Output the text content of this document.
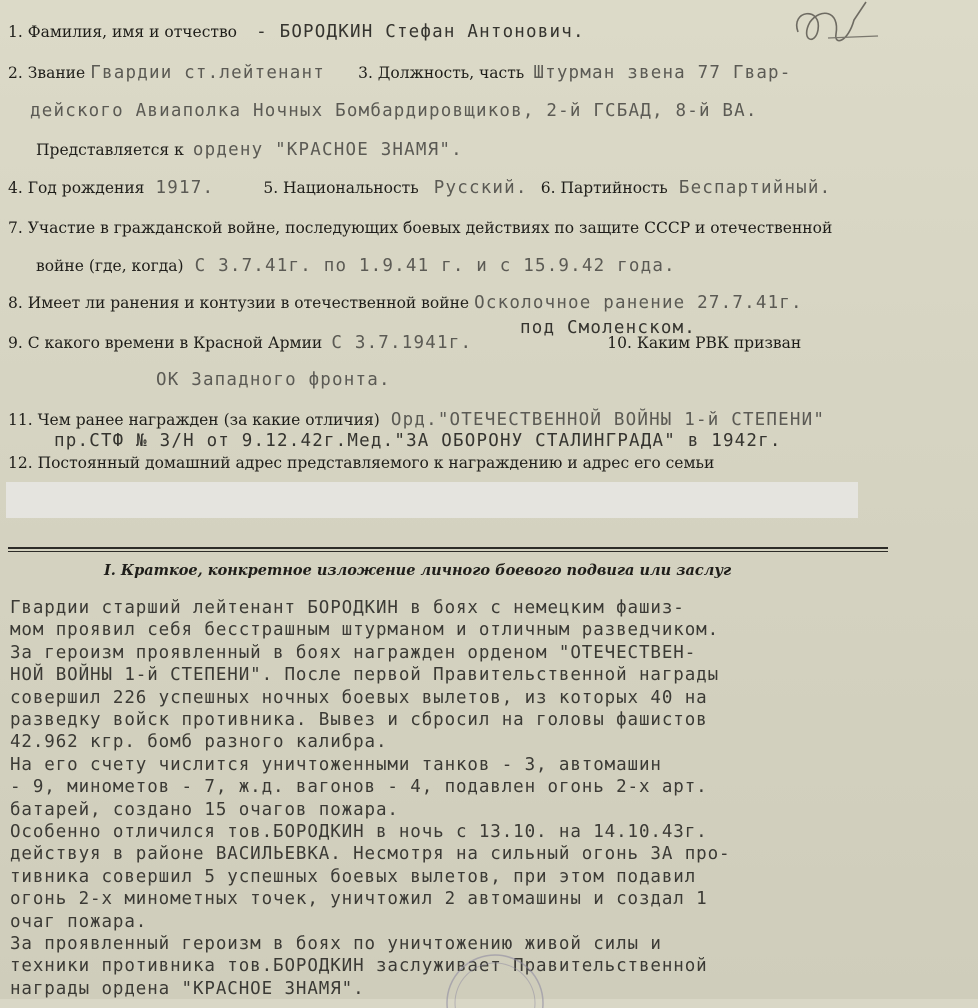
1. Фамилия, имя и отчество - БОРОДКИН Стефан Антонович.
2. Звание Гвардии ст.лейтенант 3. Должность, часть Штурман звена 77 Гвар-
дейского Авиаполка Ночных Бомбардировщиков, 2-й ГСБАД, 8-й ВА.
Представляется к ордену "КРАСНОЕ ЗНАМЯ".
4. Год рождения 1917.	5. Национальность Русский. 6. Партийность Беспартийный.
7. Участие в гражданской войне, последующих боевых действиях по защите СССР и отечественной
войне (где, когда) С 3.7.41г. по 1.9.41 г. и с 15.9.42 года.
8. Имеет ли ранения и контузии в отечественной войне Осколочное ранение 27.7.41г.
под Смоленском.
9. С какого времени в Красной Армии С 3.7.1941г.	10. Каким РВК призван
ОК Западного фронта.
11. Чем ранее награжден (за какие отличия) Орд."ОТЕЧЕСТВЕННОЙ ВОЙНЫ 1-й СТЕПЕНИ"
пр.СТФ № 3/Н от 9.12.42г.Мед."ЗА ОБОРОНУ СТАЛИНГРАДА" в 1942г.
12. Постоянный домашний адрес представляемого к награждению и адрес его семьи
I. Краткое, конкретное изложение личного боевого подвига или заслуг
Гвардии старший лейтенант БОРОДКИН в боях с немецким фашиз-
мом проявил себя бесстрашным штурманом и отличным разведчиком.
За героизм проявленный в боях награжден орденом "ОТЕЧЕСТВЕН-
НОЙ ВОЙНЫ 1-й СТЕПЕНИ". После первой Правительственной награды
совершил 226 успешных ночных боевых вылетов, из которых 40 на
разведку войск противника. Вывез и сбросил на головы фашистов
42.962 кгр. бомб разного калибра.
На его счету числится уничтоженными танков - 3, автомашин
- 9, минометов - 7, ж.д. вагонов - 4, подавлен огонь 2-х арт.
батарей, создано 15 очагов пожара.
Особенно отличился тов.БОРОДКИН в ночь с 13.10. на 14.10.43г.
действуя в районе ВАСИЛЬЕВКА. Несмотря на сильный огонь ЗА про-
тивника совершил 5 успешных боевых вылетов, при этом подавил
огонь 2-х минометных точек, уничтожил 2 автомашины и создал 1
очаг пожара.
За проявленный героизм в боях по уничтожению живой силы и
техники противника тов.БОРОДКИН заслуживает Правительственной
награды ордена "КРАСНОЕ ЗНАМЯ".
